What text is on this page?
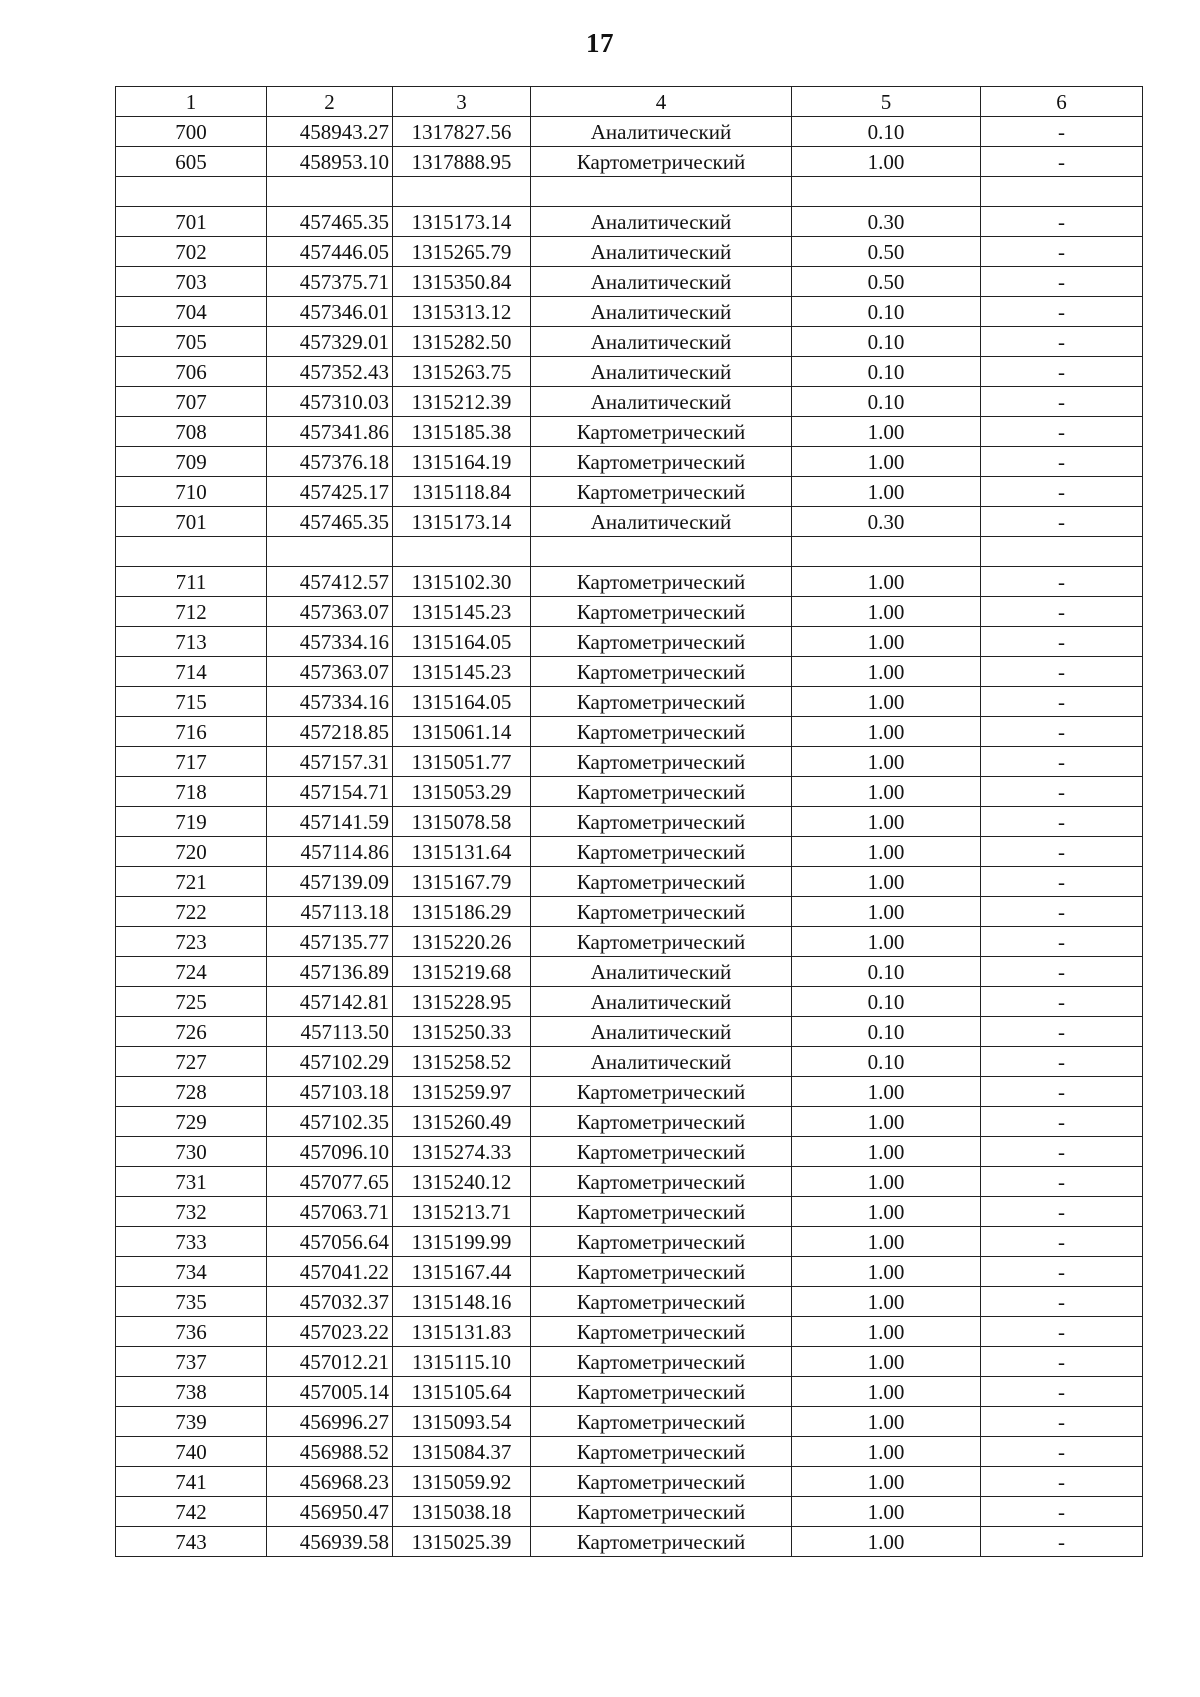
17
1	2	3	4	5	6
700	458943.27	1317827.56	Аналитический	0.10	-
605	458953.10	1317888.95	Картометрический	1.00	-

701	457465.35	1315173.14	Аналитический	0.30	-
702	457446.05	1315265.79	Аналитический	0.50	-
703	457375.71	1315350.84	Аналитический	0.50	-
704	457346.01	1315313.12	Аналитический	0.10	-
705	457329.01	1315282.50	Аналитический	0.10	-
706	457352.43	1315263.75	Аналитический	0.10	-
707	457310.03	1315212.39	Аналитический	0.10	-
708	457341.86	1315185.38	Картометрический	1.00	-
709	457376.18	1315164.19	Картометрический	1.00	-
710	457425.17	1315118.84	Картометрический	1.00	-
701	457465.35	1315173.14	Аналитический	0.30	-

711	457412.57	1315102.30	Картометрический	1.00	-
712	457363.07	1315145.23	Картометрический	1.00	-
713	457334.16	1315164.05	Картометрический	1.00	-
714	457363.07	1315145.23	Картометрический	1.00	-
715	457334.16	1315164.05	Картометрический	1.00	-
716	457218.85	1315061.14	Картометрический	1.00	-
717	457157.31	1315051.77	Картометрический	1.00	-
718	457154.71	1315053.29	Картометрический	1.00	-
719	457141.59	1315078.58	Картометрический	1.00	-
720	457114.86	1315131.64	Картометрический	1.00	-
721	457139.09	1315167.79	Картометрический	1.00	-
722	457113.18	1315186.29	Картометрический	1.00	-
723	457135.77	1315220.26	Картометрический	1.00	-
724	457136.89	1315219.68	Аналитический	0.10	-
725	457142.81	1315228.95	Аналитический	0.10	-
726	457113.50	1315250.33	Аналитический	0.10	-
727	457102.29	1315258.52	Аналитический	0.10	-
728	457103.18	1315259.97	Картометрический	1.00	-
729	457102.35	1315260.49	Картометрический	1.00	-
730	457096.10	1315274.33	Картометрический	1.00	-
731	457077.65	1315240.12	Картометрический	1.00	-
732	457063.71	1315213.71	Картометрический	1.00	-
733	457056.64	1315199.99	Картометрический	1.00	-
734	457041.22	1315167.44	Картометрический	1.00	-
735	457032.37	1315148.16	Картометрический	1.00	-
736	457023.22	1315131.83	Картометрический	1.00	-
737	457012.21	1315115.10	Картометрический	1.00	-
738	457005.14	1315105.64	Картометрический	1.00	-
739	456996.27	1315093.54	Картометрический	1.00	-
740	456988.52	1315084.37	Картометрический	1.00	-
741	456968.23	1315059.92	Картометрический	1.00	-
742	456950.47	1315038.18	Картометрический	1.00	-
743	456939.58	1315025.39	Картометрический	1.00	-
